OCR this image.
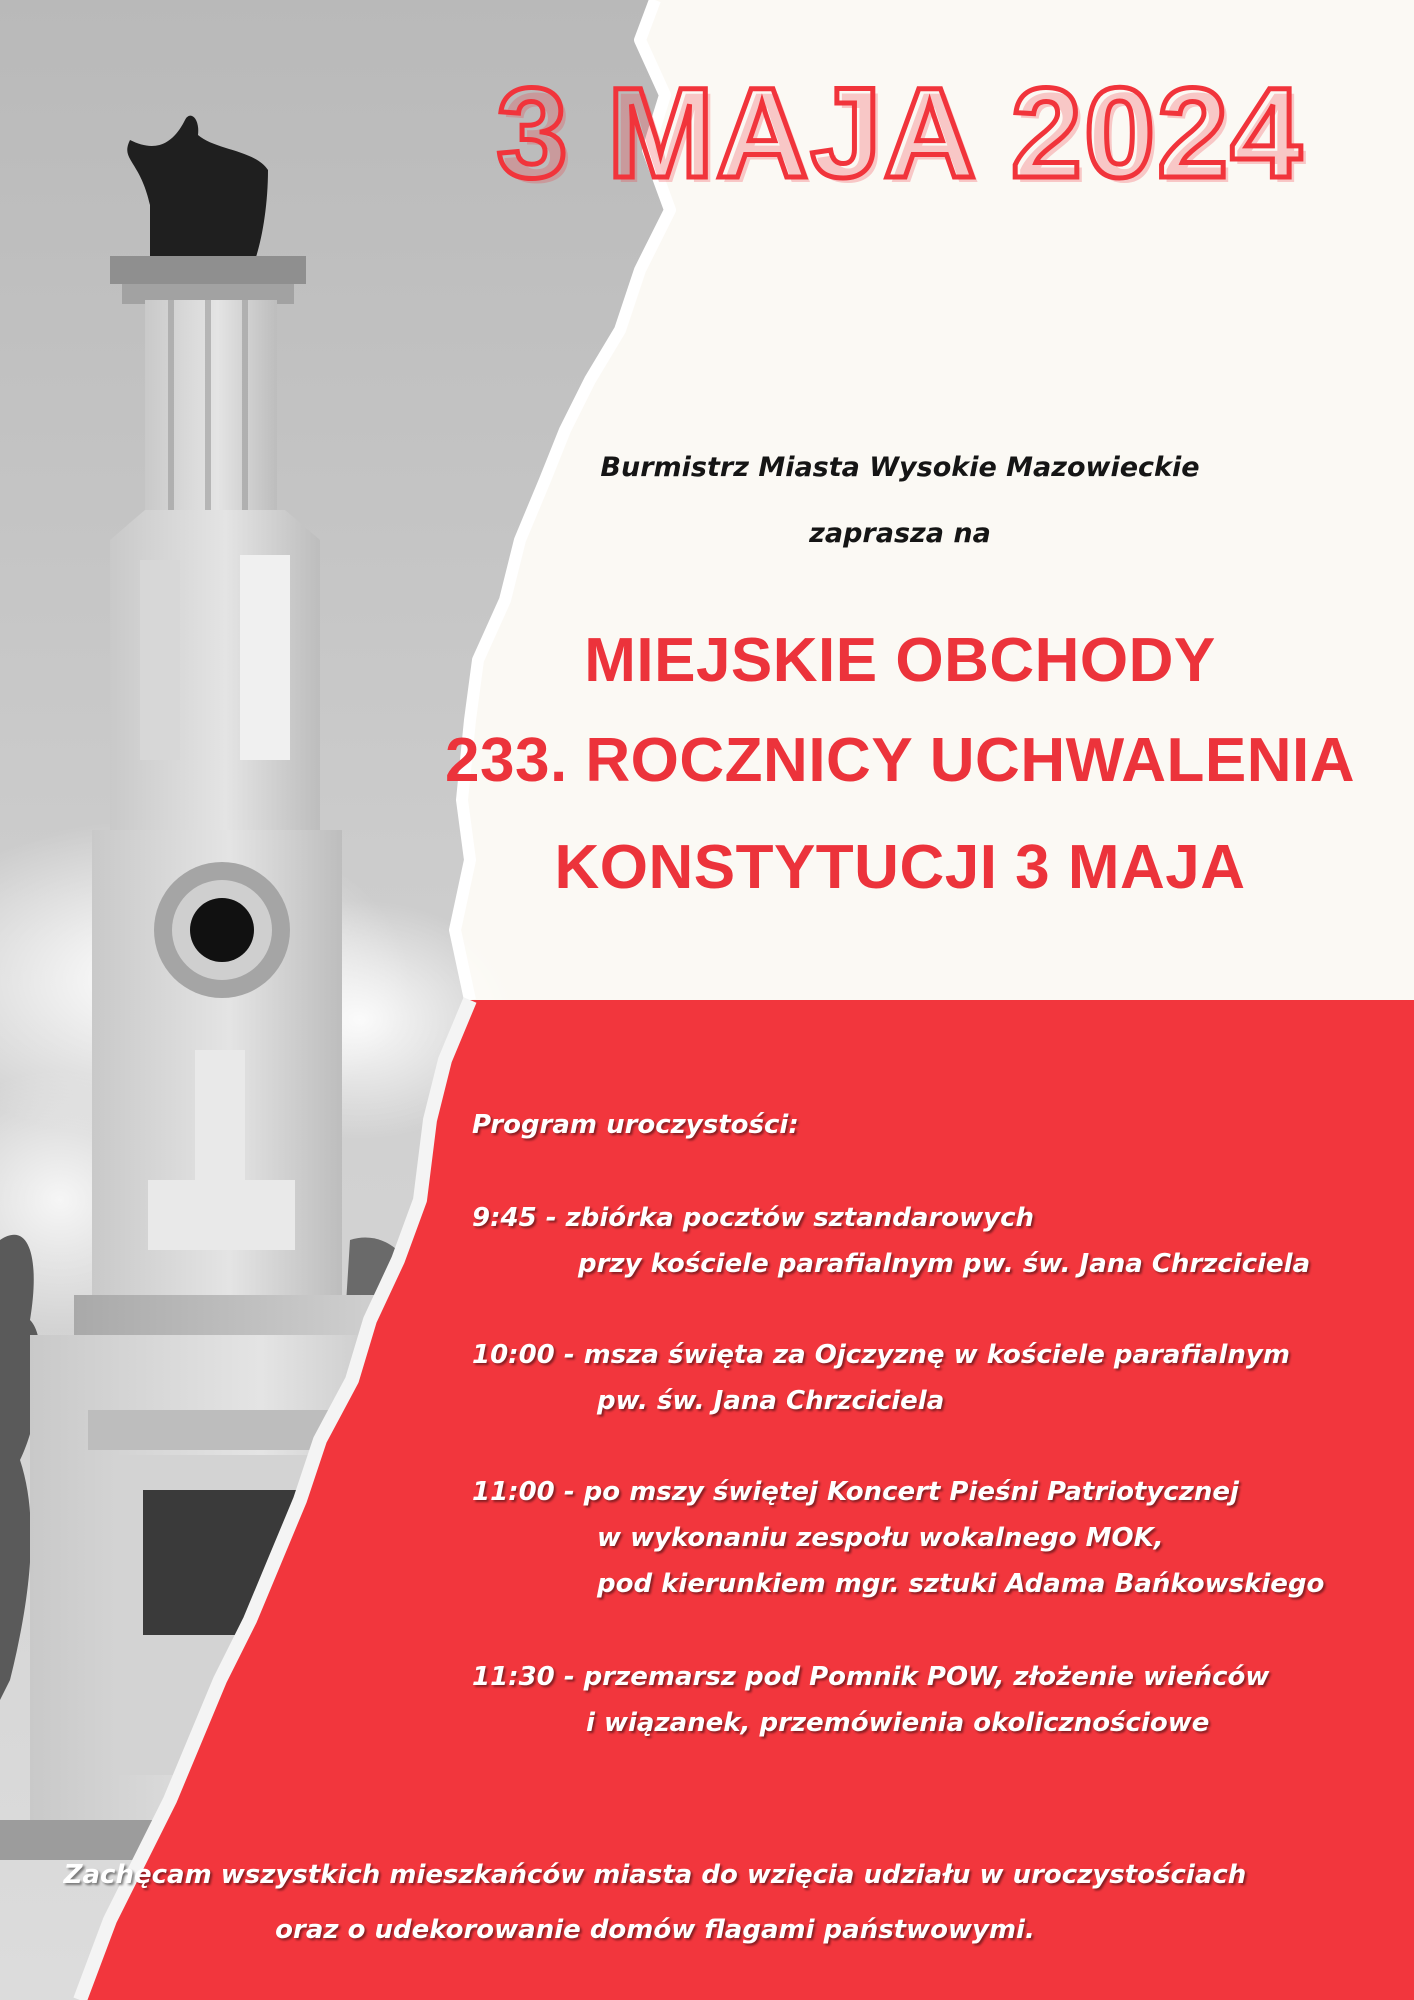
3 MAJA 2024
Burmistrz Miasta Wysokie Mazowieckie
zaprasza na
MIEJSKIE OBCHODY
233. ROCZNICY UCHWALENIA
KONSTYTUCJI 3 MAJA
Program uroczystości:
9:45 - zbiórka pocztów sztandarowych
przy kościele parafialnym pw. św. Jana Chrzciciela
10:00 - msza święta za Ojczyznę w kościele parafialnym
pw. św. Jana Chrzciciela
11:00 - po mszy świętej Koncert Pieśni Patriotycznej
w wykonaniu zespołu wokalnego MOK,
pod kierunkiem mgr. sztuki Adama Bańkowskiego
11:30 - przemarsz pod Pomnik POW, złożenie wieńców
i wiązanek, przemówienia okolicznościowe
Zachęcam wszystkich mieszkańców miasta do wzięcia udziału w uroczystościach
oraz o udekorowanie domów flagami państwowymi.
